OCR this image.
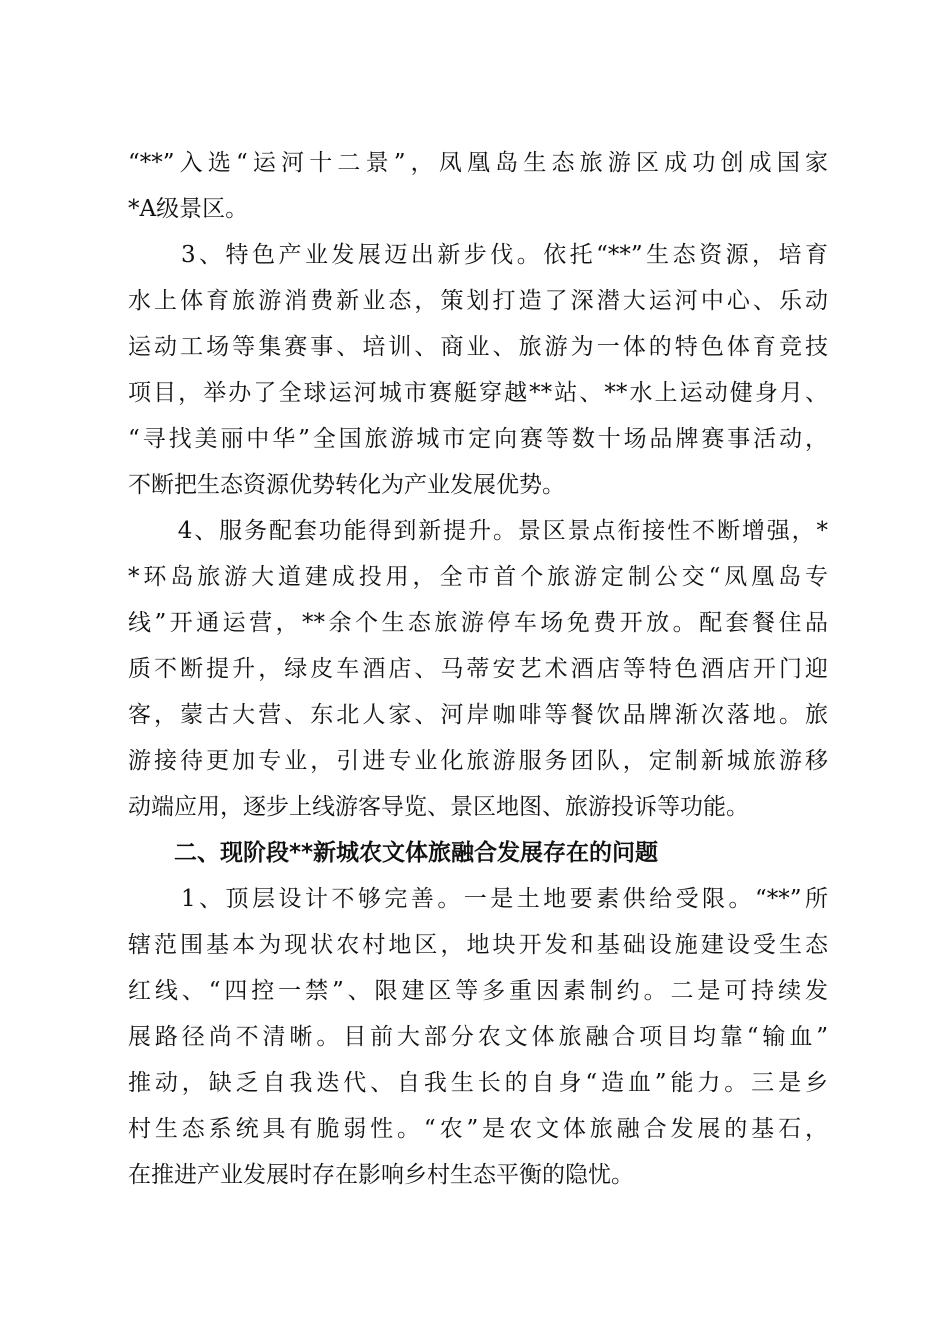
“**”入选“运河十二景”，凤凰岛生态旅游区成功创成国家
*A级景区。
　　3、特色产业发展迈出新步伐。依托“**”生态资源，培育
水上体育旅游消费新业态，策划打造了深潜大运河中心、乐动
运动工场等集赛事、培训、商业、旅游为一体的特色体育竞技
项目，举办了全球运河城市赛艇穿越**站、**水上运动健身月、
“寻找美丽中华”全国旅游城市定向赛等数十场品牌赛事活动，
不断把生态资源优势转化为产业发展优势。
　　4、服务配套功能得到新提升。景区景点衔接性不断增强，*
*环岛旅游大道建成投用，全市首个旅游定制公交“凤凰岛专
线”开通运营，**余个生态旅游停车场免费开放。配套餐住品
质不断提升，绿皮车酒店、马蒂安艺术酒店等特色酒店开门迎
客，蒙古大营、东北人家、河岸咖啡等餐饮品牌渐次落地。旅
游接待更加专业，引进专业化旅游服务团队，定制新城旅游移
动端应用，逐步上线游客导览、景区地图、旅游投诉等功能。
　　二、现阶段**新城农文体旅融合发展存在的问题
　　1、顶层设计不够完善。一是土地要素供给受限。“**”所
辖范围基本为现状农村地区，地块开发和基础设施建设受生态
红线、“四控一禁”、限建区等多重因素制约。二是可持续发
展路径尚不清晰。目前大部分农文体旅融合项目均靠“输血”
推动，缺乏自我迭代、自我生长的自身“造血”能力。三是乡
村生态系统具有脆弱性。“农”是农文体旅融合发展的基石，
在推进产业发展时存在影响乡村生态平衡的隐忧。
